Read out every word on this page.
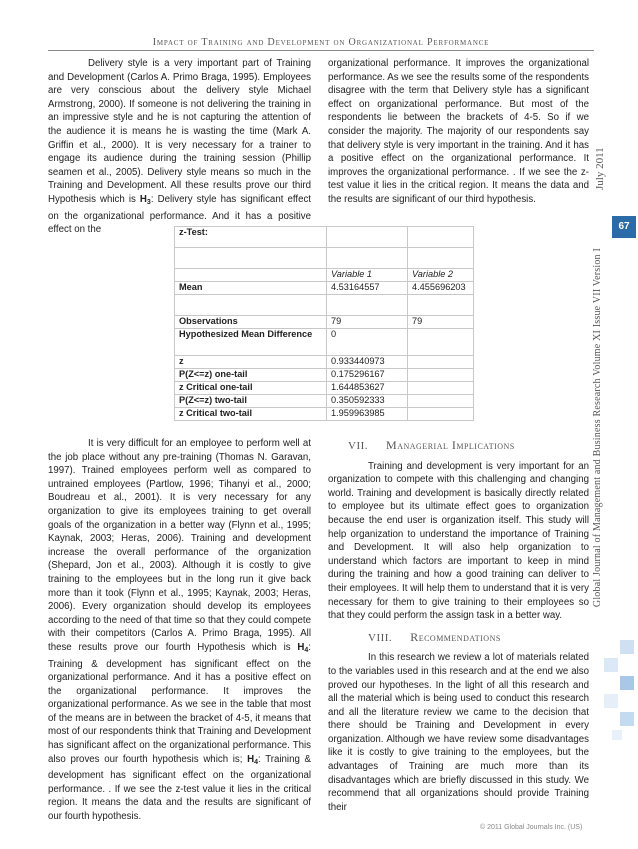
Impact of Training and Development on Organizational Performance

Delivery style is a very important part of Training and Development (Carlos A. Primo Braga, 1995). Employees are very conscious about the delivery style Michael Armstrong, 2000). If someone is not delivering the training in an impressive style and he is not capturing the attention of the audience it is means he is wasting the time (Mark A. Griffin et al., 2000). It is very necessary for a trainer to engage its audience during the training session (Phillip seamen et al., 2005). Delivery style means so much in the Training and Development. All these results prove our third Hypothesis which is $H_3$: Delivery style has significant effect on the organizational performance. And it has a positive effect on the

organizational performance. It improves the organizational performance. As we see the results some of the respondents disagree with the term that Delivery style has a significant effect on organizational performance. But most of the respondents lie between the brackets of 4-5. So if we consider the majority. The majority of our respondents say that delivery style is very important in the training. And it has a positive effect on the organizational performance. It improves the organizational performance. . If we see the z-test value it lies in the critical region. It means the data and the results are significant of our third hypothesis.

z-Test:		

	Variable 1	Variable 2
Mean	4.53164557	4.455696203

Observations	79	79
Hypothesized Mean Difference	0	
z	0.933440973	
P(Z<=z) one-tail	0.175296167	
z Critical one-tail	1.644853627	
P(Z<=z) two-tail	0.350592333	
z Critical two-tail	1.959963985	

It is very difficult for an employee to perform well at the job place without any pre-training (Thomas N. Garavan, 1997). Trained employees perform well as compared to untrained employees (Partlow, 1996; Tihanyi et al., 2000; Boudreau et al., 2001). It is very necessary for any organization to give its employees training to get overall goals of the organization in a better way (Flynn et al., 1995; Kaynak, 2003; Heras, 2006). Training and development increase the overall performance of the organization (Shepard, Jon et al., 2003). Although it is costly to give training to the employees but in the long run it give back more than it took (Flynn et al., 1995; Kaynak, 2003; Heras, 2006). Every organization should develop its employees according to the need of that time so that they could compete with their competitors (Carlos A. Primo Braga, 1995). All these results prove our fourth Hypothesis which is $H_4$: Training & development has significant effect on the organizational performance. And it has a positive effect on the organizational performance. It improves the organizational performance. As we see in the table that most of the means are in between the bracket of 4-5, it means that most of our respondents think that Training and Development has significant affect on the organizational performance. This also proves our fourth hypothesis which is; $H_4$: Training & development has significant effect on the organizational performance. . If we see the z-test value it lies in the critical region. It means the data and the results are significant of our fourth hypothesis.

VII. Managerial Implications

Training and development is very important for an organization to compete with this challenging and changing world. Training and development is basically directly related to employee but its ultimate effect goes to organization because the end user is organization itself. This study will help organization to understand the importance of Training and Development. It will also help organization to understand which factors are important to keep in mind during the training and how a good training can deliver to their employees. It will help them to understand that it is very necessary for them to give training to their employees so that they could perform the assign task in a better way.

VIII. Recommendations

In this research we review a lot of materials related to the variables used in this research and at the end we also proved our hypotheses. In the light of all this research and all the material which is being used to conduct this research and all the literature review we came to the decision that there should be Training and Development in every organization. Although we have review some disadvantages like it is costly to give training to the employees, but the advantages of Training are much more than its disadvantages which are briefly discussed in this study. We recommend that all organizations should provide Training their

July 2011
67
Global Journal of Management and Business Research Volume XI Issue VII Version I
© 2011 Global Journals Inc. (US)
